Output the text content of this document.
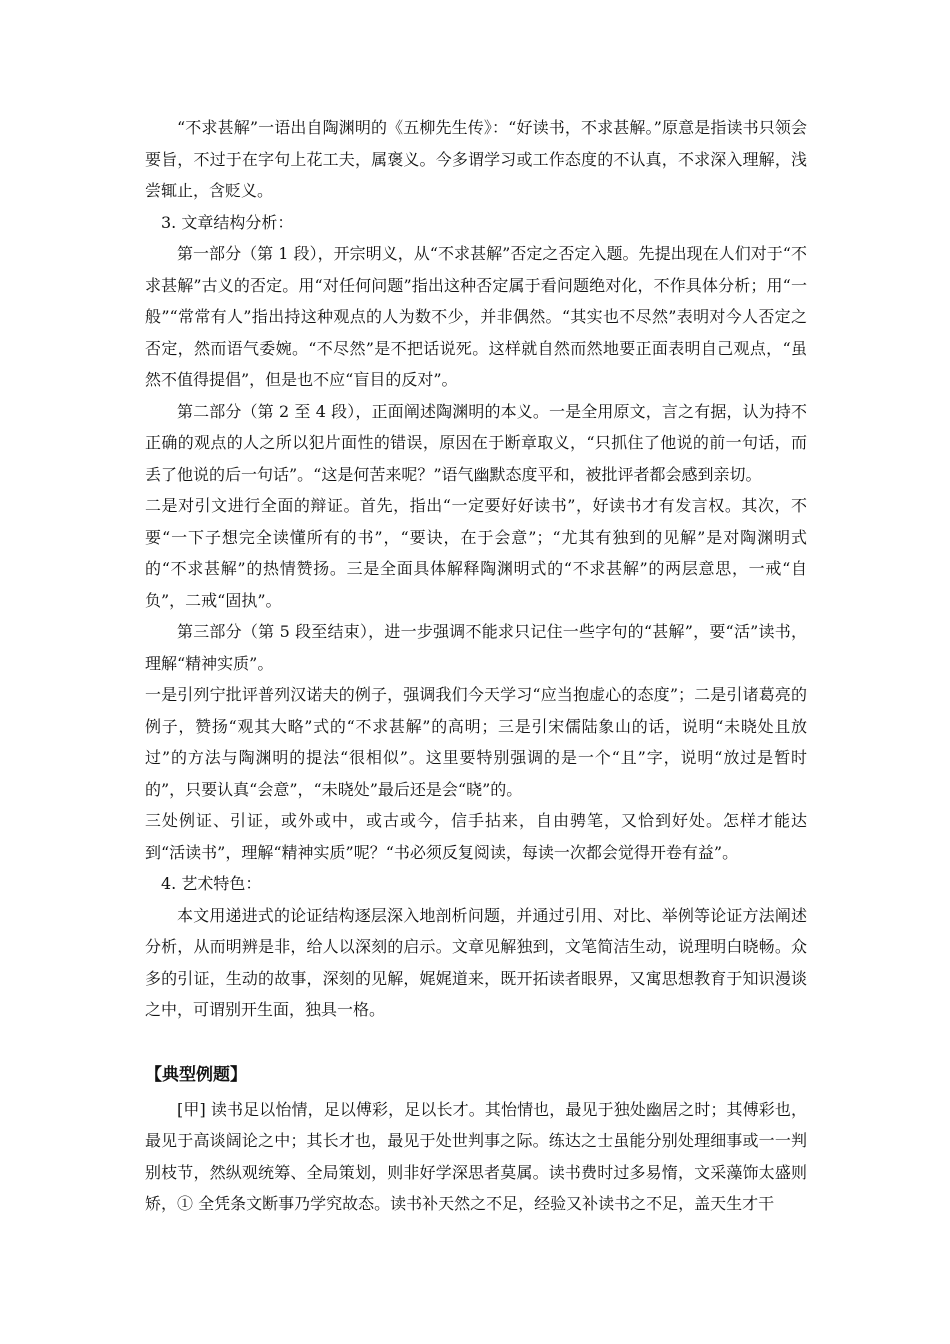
“不求甚解”一语出自陶渊明的《五柳先生传》：“好读书，不求甚解。”原意是指读书只领会要旨，不过于在字句上花工夫，属褒义。今多谓学习或工作态度的不认真，不求深入理解，浅尝辄止，含贬义。

3. 文章结构分析：

第一部分（第 1 段），开宗明义，从“不求甚解”否定之否定入题。先提出现在人们对于“不求甚解”古义的否定。用“对任何问题”指出这种否定属于看问题绝对化，不作具体分析；用“一般”“常常有人”指出持这种观点的人为数不少，并非偶然。“其实也不尽然”表明对今人否定之否定，然而语气委婉。“不尽然”是不把话说死。这样就自然而然地要正面表明自己观点，“虽然不值得提倡”，但是也不应“盲目的反对”。

第二部分（第 2 至 4 段），正面阐述陶渊明的本义。一是全用原文，言之有据，认为持不正确的观点的人之所以犯片面性的错误，原因在于断章取义，“只抓住了他说的前一句话，而丢了他说的后一句话”。“这是何苦来呢？”语气幽默态度平和，被批评者都会感到亲切。

二是对引文进行全面的辩证。首先，指出“一定要好好读书”，好读书才有发言权。其次，不要“一下子想完全读懂所有的书”，“要诀，在于会意”；“尤其有独到的见解”是对陶渊明式的“不求甚解”的热情赞扬。三是全面具体解释陶渊明式的“不求甚解”的两层意思，一戒“自负”，二戒“固执”。

第三部分（第 5 段至结束），进一步强调不能求只记住一些字句的“甚解”，要“活”读书，理解“精神实质”。

一是引列宁批评普列汉诺夫的例子，强调我们今天学习“应当抱虚心的态度”；二是引诸葛亮的例子，赞扬“观其大略”式的“不求甚解”的高明；三是引宋儒陆象山的话，说明“未晓处且放过”的方法与陶渊明的提法“很相似”。这里要特别强调的是一个“且”字，说明“放过是暂时的”，只要认真“会意”，“未晓处”最后还是会“晓”的。

三处例证、引证，或外或中，或古或今，信手拈来，自由骋笔，又恰到好处。怎样才能达到“活读书”，理解“精神实质”呢？“书必须反复阅读，每读一次都会觉得开卷有益”。

4. 艺术特色：

本文用递进式的论证结构逐层深入地剖析问题，并通过引用、对比、举例等论证方法阐述分析，从而明辨是非，给人以深刻的启示。文章见解独到，文笔简洁生动，说理明白晓畅。众多的引证，生动的故事，深刻的见解，娓娓道来，既开拓读者眼界，又寓思想教育于知识漫谈之中，可谓别开生面，独具一格。

【典型例题】

[甲] 读书足以怡情，足以傅彩，足以长才。其怡情也，最见于独处幽居之时；其傅彩也，最见于高谈阔论之中；其长才也，最见于处世判事之际。练达之士虽能分别处理细事或一一判别枝节，然纵观统筹、全局策划，则非好学深思者莫属。读书费时过多易惰，文采藻饰太盛则矫，① 全凭条文断事乃学究故态。读书补天然之不足，经验又补读书之不足，盖天生才干
